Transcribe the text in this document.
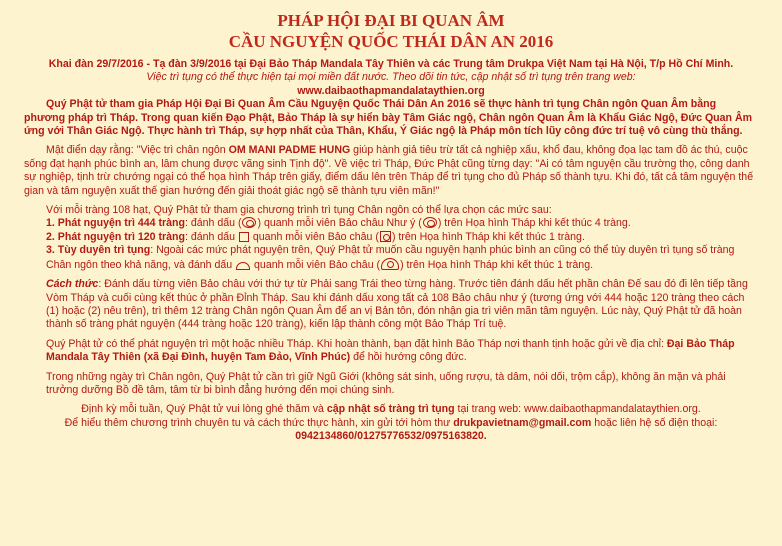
PHÁP HỘI ĐẠI BI QUAN ÂM
CẦU NGUYỆN QUỐC THÁI DÂN AN 2016

Khai đàn 29/7/2016 - Tạ đàn 3/9/2016 tại Đại Bảo Tháp Mandala Tây Thiên và các Trung tâm Drukpa Việt Nam tại Hà Nội, T/p Hồ Chí Minh.

Việc trì tụng có thể thực hiện tại mọi miền đất nước. Theo dõi tin tức, cập nhật số trì tụng trên trang web:

www.daibaothapmandalataythien.org

Quý Phật tử tham gia Pháp Hội Đại Bi Quan Âm Cầu Nguyện Quốc Thái Dân An 2016 sẽ thực hành trì tụng Chân ngôn Quan Âm bằng phương pháp trì Tháp. Trong quan kiến Đạo Phật, Bảo Tháp là sự hiển bày Tâm Giác ngộ, Chân ngôn Quan Âm là Khẩu Giác Ngộ, Đức Quan Âm ứng với Thân Giác Ngộ. Thực hành trì Tháp, sự hợp nhất của Thân, Khẩu, Ý Giác ngộ là Pháp môn tích lũy công đức trí tuệ vô cùng thù thắng.

Mật điển dạy rằng: "Việc trì chân ngôn OM MANI PADME HUNG giúp hành giả tiêu trừ tất cả nghiệp xấu, khổ đau, không đọa lạc tam đồ ác thú, cuộc sống đạt hạnh phúc bình an, lâm chung được vãng sinh Tịnh độ". Về việc trì Tháp, Đức Phật cũng từng dạy: "Ai có tâm nguyện cầu trường thọ, công danh sự nghiệp, tịnh trừ chướng ngại có thể họa hình Tháp trên giấy, điểm dấu lên trên Tháp để trì tụng cho đủ Pháp số thành tựu. Khi đó, tất cả tâm nguyện thế gian và tâm nguyện xuất thế gian hướng đến giải thoát giác ngộ sẽ thành tựu viên mãn!"

Với mỗi tràng 108 hạt, Quý Phật tử tham gia chương trình trì tụng Chân ngôn có thể lựa chọn các mức sau:

1. Phát nguyện trì 444 tràng: đánh dấu (○) quanh mỗi viên Bảo châu Như ý ( ) trên Họa hình Tháp khi kết thúc 4 tràng.

2. Phát nguyện trì 120 tràng: đánh dấu  quanh mỗi viên Bảo châu ( ) trên Họa hình Tháp khi kết thúc 1 tràng.

3. Tùy duyên trì tụng: Ngoài các mức phát nguyện trên, Quý Phật tử muốn cầu nguyện hạnh phúc bình an cũng có thể tùy duyên trì tụng số tràng Chân ngôn theo khả năng, và đánh dấu  quanh mỗi viên Bảo châu ( ) trên Họa hình Tháp khi kết thúc 1 tràng.

Cách thức: Đánh dấu từng viên Bảo châu với thứ tự từ Phải sang Trái theo từng hàng. Trước tiên đánh dấu hết phần chân Đế sau đó đi lên tiếp tầng Vòm Tháp và cuối cùng kết thúc ở phần Đỉnh Tháp. Sau khi đánh dấu xong tất cả 108 Bảo châu như ý (tương ứng với 444 hoặc 120 tràng theo cách (1) hoặc (2) nêu trên), trì thêm 12 tràng Chân ngôn Quan Âm để an vị Bản tôn, đón nhận gia trì viên mãn tâm nguyện. Lúc này, Quý Phật tử đã hoàn thành số tràng phát nguyện (444 tràng hoặc 120 tràng), kiến lập thành công một Bảo Tháp Trí tuệ.

Quý Phật tử có thể phát nguyện trì một hoặc nhiều Tháp. Khi hoàn thành, bạn đặt hình Bảo Tháp nơi thanh tịnh hoặc gửi về địa chỉ: Đại Bảo Tháp Mandala Tây Thiên (xã Đại Đình, huyện Tam Đảo, Vĩnh Phúc) để hồi hướng công đức.

Trong những ngày trì Chân ngôn, Quý Phật tử cần trì giữ Ngũ Giới (không sát sinh, uống rượu, tà dâm, nói dối, trộm cắp), không ăn mặn và phải trưởng dưỡng Bồ đề tâm, tâm từ bi bình đẳng hướng đến mọi chúng sinh.

Định kỳ mỗi tuần, Quý Phật tử vui lòng ghé thăm và cập nhật số tràng trì tụng tại trang web: www.daibaothapmandalataythien.org.

Để hiểu thêm chương trình chuyên tu và cách thức thực hành, xin gửi tới hòm thư drukpavietnam@gmail.com hoặc liên hệ số điện thoại:

0942134860/01275776532/0975163820.
